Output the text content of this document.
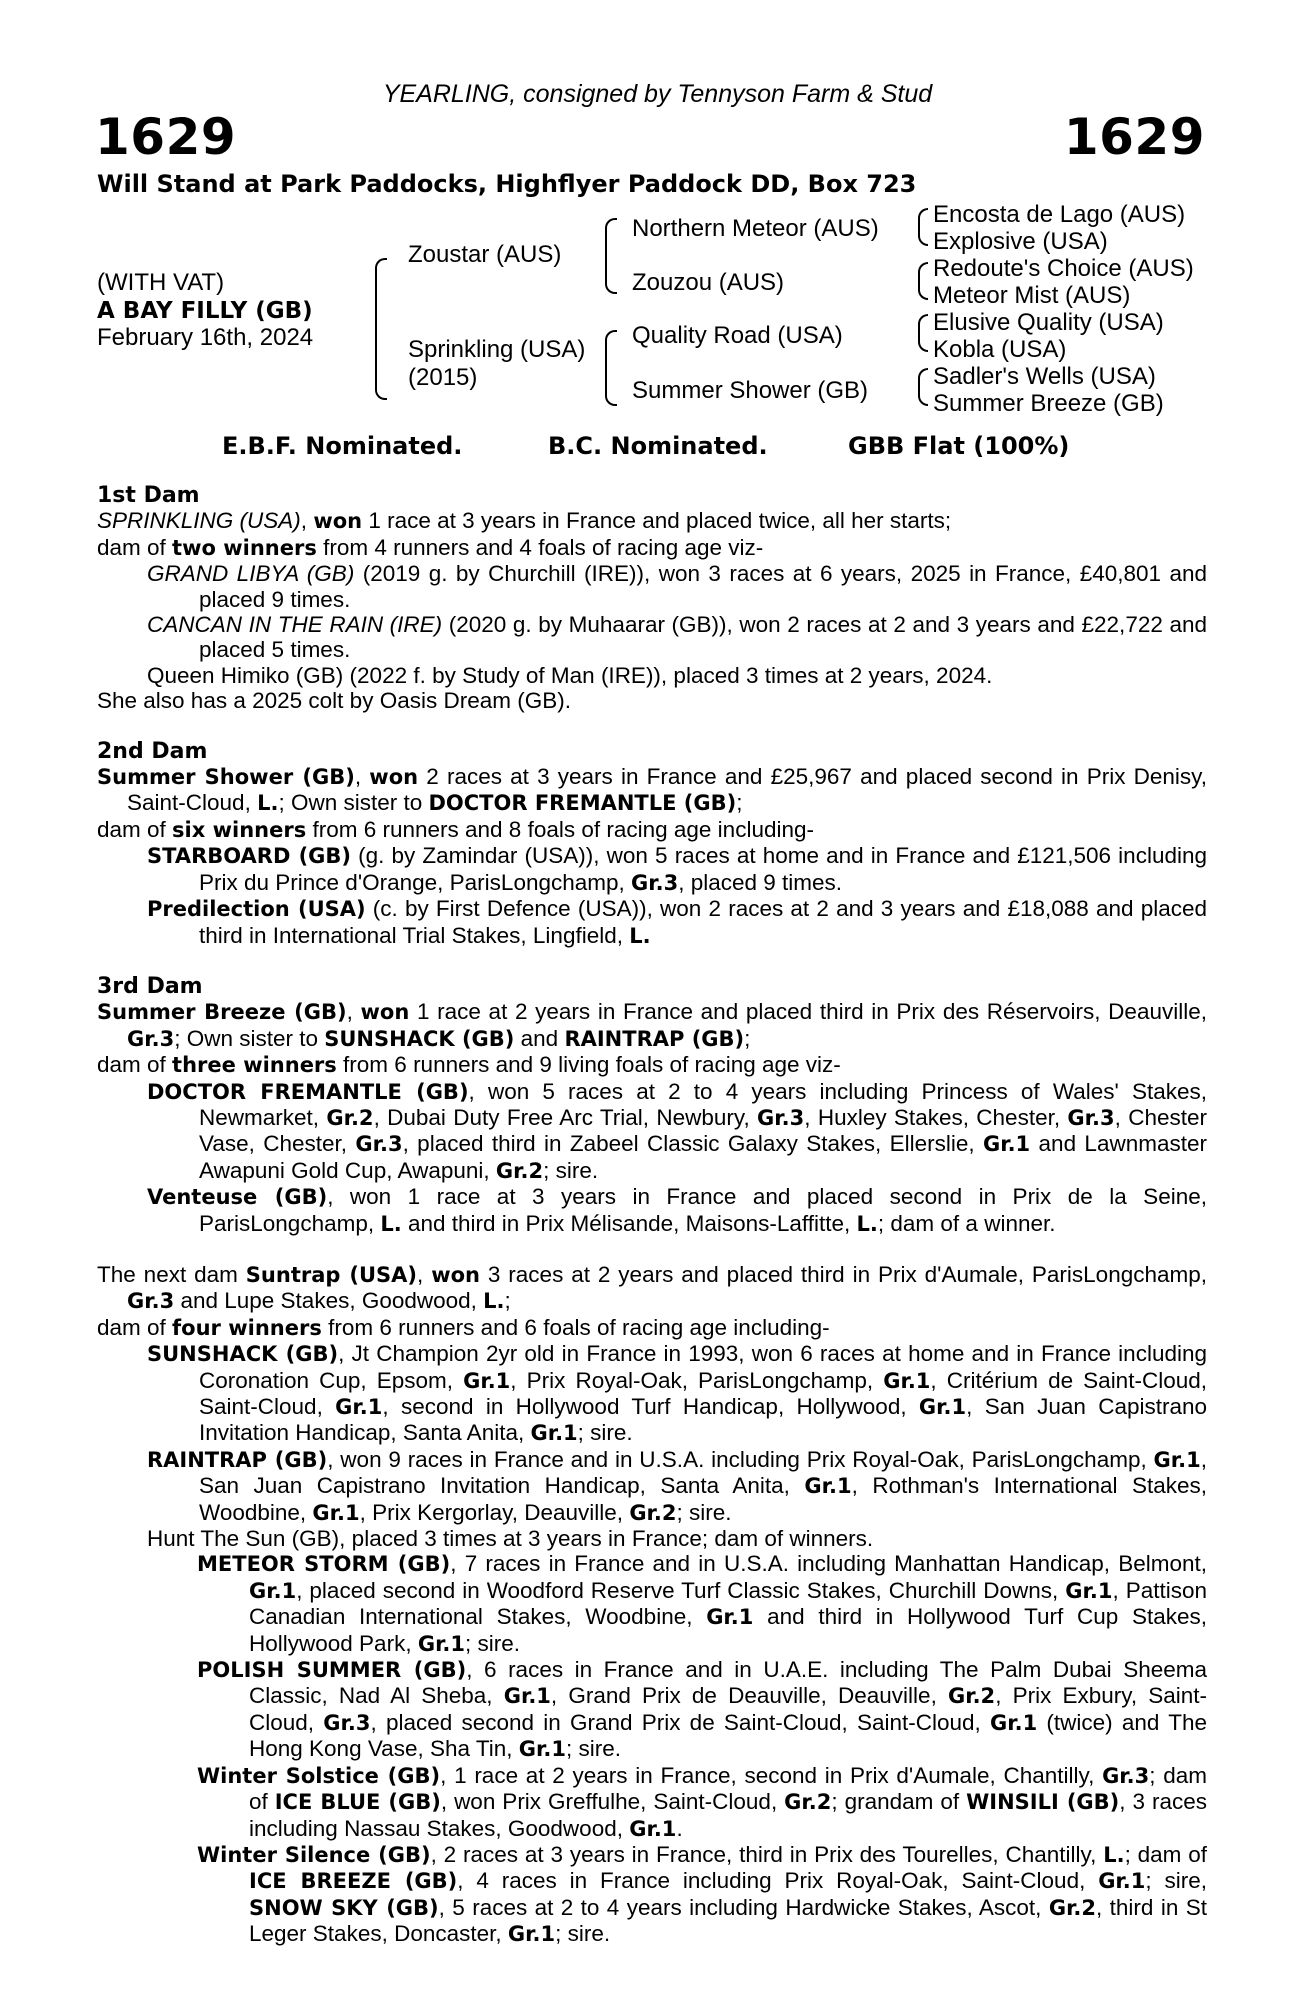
YEARLING, consigned by Tennyson Farm & Stud
1629	1629
Will Stand at Park Paddocks, Highflyer Paddock DD, Box 723
(WITH VAT)
A BAY FILLY (GB)
February 16th, 2024
Zoustar (AUS)
Sprinkling (USA)
(2015)
Northern Meteor (AUS)
Zouzou (AUS)
Quality Road (USA)
Summer Shower (GB)
Encosta de Lago (AUS)
Explosive (USA)
Redoute's Choice (AUS)
Meteor Mist (AUS)
Elusive Quality (USA)
Kobla (USA)
Sadler's Wells (USA)
Summer Breeze (GB)
E.B.F. Nominated.	B.C. Nominated.	GBB Flat (100%)
1st Dam
SPRINKLING (USA), won 1 race at 3 years in France and placed twice, all her starts;
dam of two winners from 4 runners and 4 foals of racing age viz-
GRAND LIBYA (GB) (2019 g. by Churchill (IRE)), won 3 races at 6 years, 2025 in France, £40,801 and placed 9 times.
CANCAN IN THE RAIN (IRE) (2020 g. by Muhaarar (GB)), won 2 races at 2 and 3 years and £22,722 and placed 5 times.
Queen Himiko (GB) (2022 f. by Study of Man (IRE)), placed 3 times at 2 years, 2024.
She also has a 2025 colt by Oasis Dream (GB).
2nd Dam
Summer Shower (GB), won 2 races at 3 years in France and £25,967 and placed second in Prix Denisy, Saint-Cloud, L.; Own sister to DOCTOR FREMANTLE (GB);
dam of six winners from 6 runners and 8 foals of racing age including-
STARBOARD (GB) (g. by Zamindar (USA)), won 5 races at home and in France and £121,506 including Prix du Prince d'Orange, ParisLongchamp, Gr.3, placed 9 times.
Predilection (USA) (c. by First Defence (USA)), won 2 races at 2 and 3 years and £18,088 and placed third in International Trial Stakes, Lingfield, L.
3rd Dam
Summer Breeze (GB), won 1 race at 2 years in France and placed third in Prix des Réservoirs, Deauville, Gr.3; Own sister to SUNSHACK (GB) and RAINTRAP (GB);
dam of three winners from 6 runners and 9 living foals of racing age viz-
DOCTOR FREMANTLE (GB), won 5 races at 2 to 4 years including Princess of Wales' Stakes, Newmarket, Gr.2, Dubai Duty Free Arc Trial, Newbury, Gr.3, Huxley Stakes, Chester, Gr.3, Chester Vase, Chester, Gr.3, placed third in Zabeel Classic Galaxy Stakes, Ellerslie, Gr.1 and Lawnmaster Awapuni Gold Cup, Awapuni, Gr.2; sire.
Venteuse (GB), won 1 race at 3 years in France and placed second in Prix de la Seine, ParisLongchamp, L. and third in Prix Mélisande, Maisons-Laffitte, L.; dam of a winner.
The next dam Suntrap (USA), won 3 races at 2 years and placed third in Prix d'Aumale, ParisLongchamp, Gr.3 and Lupe Stakes, Goodwood, L.;
dam of four winners from 6 runners and 6 foals of racing age including-
SUNSHACK (GB), Jt Champion 2yr old in France in 1993, won 6 races at home and in France including Coronation Cup, Epsom, Gr.1, Prix Royal-Oak, ParisLongchamp, Gr.1, Critérium de Saint-Cloud, Saint-Cloud, Gr.1, second in Hollywood Turf Handicap, Hollywood, Gr.1, San Juan Capistrano Invitation Handicap, Santa Anita, Gr.1; sire.
RAINTRAP (GB), won 9 races in France and in U.S.A. including Prix Royal-Oak, ParisLongchamp, Gr.1, San Juan Capistrano Invitation Handicap, Santa Anita, Gr.1, Rothman's International Stakes, Woodbine, Gr.1, Prix Kergorlay, Deauville, Gr.2; sire.
Hunt The Sun (GB), placed 3 times at 3 years in France; dam of winners.
METEOR STORM (GB), 7 races in France and in U.S.A. including Manhattan Handicap, Belmont, Gr.1, placed second in Woodford Reserve Turf Classic Stakes, Churchill Downs, Gr.1, Pattison Canadian International Stakes, Woodbine, Gr.1 and third in Hollywood Turf Cup Stakes, Hollywood Park, Gr.1; sire.
POLISH SUMMER (GB), 6 races in France and in U.A.E. including The Palm Dubai Sheema Classic, Nad Al Sheba, Gr.1, Grand Prix de Deauville, Deauville, Gr.2, Prix Exbury, Saint-Cloud, Gr.3, placed second in Grand Prix de Saint-Cloud, Saint-Cloud, Gr.1 (twice) and The Hong Kong Vase, Sha Tin, Gr.1; sire.
Winter Solstice (GB), 1 race at 2 years in France, second in Prix d'Aumale, Chantilly, Gr.3; dam of ICE BLUE (GB), won Prix Greffulhe, Saint-Cloud, Gr.2; grandam of WINSILI (GB), 3 races including Nassau Stakes, Goodwood, Gr.1.
Winter Silence (GB), 2 races at 3 years in France, third in Prix des Tourelles, Chantilly, L.; dam of ICE BREEZE (GB), 4 races in France including Prix Royal-Oak, Saint-Cloud, Gr.1; sire, SNOW SKY (GB), 5 races at 2 to 4 years including Hardwicke Stakes, Ascot, Gr.2, third in St Leger Stakes, Doncaster, Gr.1; sire.
